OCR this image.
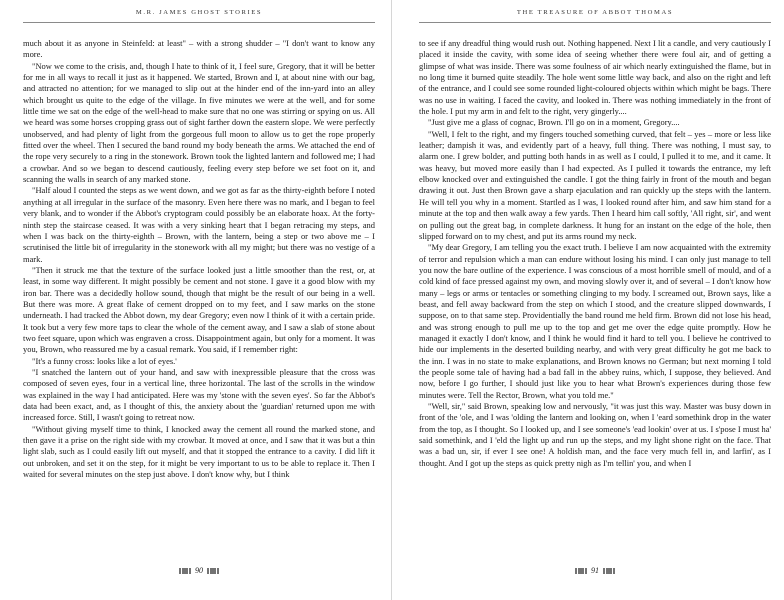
M.R. JAMES GHOST STORIES

much about it as anyone in Steinfeld: at least" – with a strong shudder – "I don't want to know any more.

"Now we come to the crisis, and, though I hate to think of it, I feel sure, Gregory, that it will be better for me in all ways to recall it just as it happened. We started, Brown and I, at about nine with our bag, and attracted no attention; for we managed to slip out at the hinder end of the inn-yard into an alley which brought us quite to the edge of the village. In five minutes we were at the well, and for some little time we sat on the edge of the well-head to make sure that no one was stirring or spying on us. All we heard was some horses cropping grass out of sight farther down the eastern slope. We were perfectly unobserved, and had plenty of light from the gorgeous full moon to allow us to get the rope properly fitted over the wheel. Then I secured the band round my body beneath the arms. We attached the end of the rope very securely to a ring in the stonework. Brown took the lighted lantern and followed me; I had a crowbar. And so we began to descend cautiously, feeling every step before we set foot on it, and scanning the walls in search of any marked stone.

"Half aloud I counted the steps as we went down, and we got as far as the thirty-eighth before I noted anything at all irregular in the surface of the masonry. Even here there was no mark, and I began to feel very blank, and to wonder if the Abbot's cryptogram could possibly be an elaborate hoax. At the forty-ninth step the staircase ceased. It was with a very sinking heart that I began retracing my steps, and when I was back on the thirty-eighth – Brown, with the lantern, being a step or two above me – I scrutinised the little bit of irregularity in the stonework with all my might; but there was no vestige of a mark.

"Then it struck me that the texture of the surface looked just a little smoother than the rest, or, at least, in some way different. It might possibly be cement and not stone. I gave it a good blow with my iron bar. There was a decidedly hollow sound, though that might be the result of our being in a well. But there was more. A great flake of cement dropped on to my feet, and I saw marks on the stone underneath. I had tracked the Abbot down, my dear Gregory; even now I think of it with a certain pride. It took but a very few more taps to clear the whole of the cement away, and I saw a slab of stone about two feet square, upon which was engraven a cross. Disappointment again, but only for a moment. It was you, Brown, who reassured me by a casual remark. You said, if I remember right:

"It's a funny cross: looks like a lot of eyes.'

"I snatched the lantern out of your hand, and saw with inexpressible pleasure that the cross was composed of seven eyes, four in a vertical line, three horizontal. The last of the scrolls in the window was explained in the way I had anticipated. Here was my 'stone with the seven eyes'. So far the Abbot's data had been exact, and, as I thought of this, the anxiety about the 'guardian' returned upon me with increased force. Still, I wasn't going to retreat now.

"Without giving myself time to think, I knocked away the cement all round the marked stone, and then gave it a prise on the right side with my crowbar. It moved at once, and I saw that it was but a thin light slab, such as I could easily lift out myself, and that it stopped the entrance to a cavity. I did lift it out unbroken, and set it on the step, for it might be very important to us to be able to replace it. Then I waited for several minutes on the step just above. I don't know why, but I think

90
THE TREASURE OF ABBOT THOMAS

to see if any dreadful thing would rush out. Nothing happened. Next I lit a candle, and very cautiously I placed it inside the cavity, with some idea of seeing whether there were foul air, and of getting a glimpse of what was inside. There was some foulness of air which nearly extinguished the flame, but in no long time it burned quite steadily. The hole went some little way back, and also on the right and left of the entrance, and I could see some rounded light-coloured objects within which might be bags. There was no use in waiting. I faced the cavity, and looked in. There was nothing immediately in the front of the hole. I put my arm in and felt to the right, very gingerly....

"Just give me a glass of cognac, Brown. I'll go on in a moment, Gregory....

"Well, I felt to the right, and my fingers touched something curved, that felt – yes – more or less like leather; dampish it was, and evidently part of a heavy, full thing. There was nothing, I must say, to alarm one. I grew bolder, and putting both hands in as well as I could, I pulled it to me, and it came. It was heavy, but moved more easily than I had expected. As I pulled it towards the entrance, my left elbow knocked over and extinguished the candle. I got the thing fairly in front of the mouth and began drawing it out. Just then Brown gave a sharp ejaculation and ran quickly up the steps with the lantern. He will tell you why in a moment. Startled as I was, I looked round after him, and saw him stand for a minute at the top and then walk away a few yards. Then I heard him call softly, 'All right, sir', and went on pulling out the great bag, in complete darkness. It hung for an instant on the edge of the hole, then slipped forward on to my chest, and put its arms round my neck.

"My dear Gregory, I am telling you the exact truth. I believe I am now acquainted with the extremity of terror and repulsion which a man can endure without losing his mind. I can only just manage to tell you now the bare outline of the experience. I was conscious of a most horrible smell of mould, and of a cold kind of face pressed against my own, and moving slowly over it, and of several – I don't know how many – legs or arms or tentacles or something clinging to my body. I screamed out, Brown says, like a beast, and fell away backward from the step on which I stood, and the creature slipped downwards, I suppose, on to that same step. Providentially the band round me held firm. Brown did not lose his head, and was strong enough to pull me up to the top and get me over the edge quite promptly. How he managed it exactly I don't know, and I think he would find it hard to tell you. I believe he contrived to hide our implements in the deserted building nearby, and with very great difficulty he got me back to the inn. I was in no state to make explanations, and Brown knows no German; but next morning I told the people some tale of having had a bad fall in the abbey ruins, which, I suppose, they believed. And now, before I go further, I should just like you to hear what Brown's experiences during those few minutes were. Tell the Rector, Brown, what you told me."

"Well, sir," said Brown, speaking low and nervously, "it was just this way. Master was busy down in front of the 'ole, and I was 'olding the lantern and looking on, when I 'eard somethink drop in the water from the top, as I thought. So I looked up, and I see someone's 'ead lookin' over at us. I s'pose I must ha' said somethink, and I 'eld the light up and run up the steps, and my light shone right on the face. That was a bad un, sir, if ever I see one! A holdish man, and the face very much fell in, and larfin', as I thought. And I got up the steps as quick pretty nigh as I'm tellin' you, and when I

91
